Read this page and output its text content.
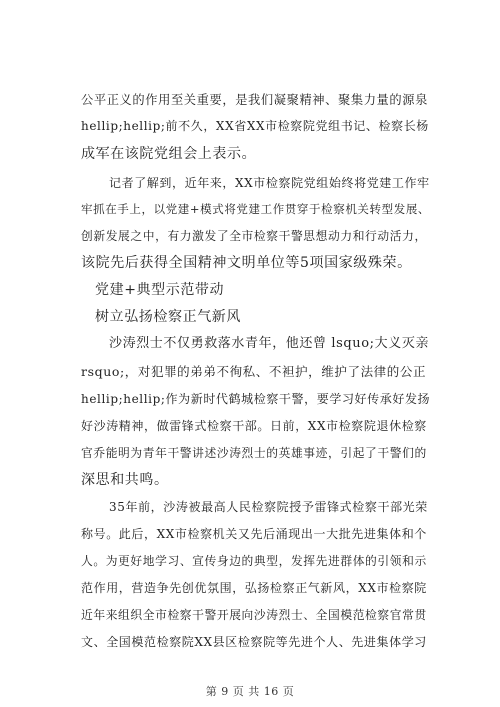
公平正义的作用至关重要，是我们凝聚精神、聚集力量的源泉
hellip;hellip;前不久，XX省XX市检察院党组书记、检察长杨
成军在该院党组会上表示。
记者了解到，近年来，XX市检察院党组始终将党建工作牢
牢抓在手上，以党建+模式将党建工作贯穿于检察机关转型发展、
创新发展之中，有力激发了全市检察干警思想动力和行动活力，
该院先后获得全国精神文明单位等5项国家级殊荣。
党建+典型示范带动
树立弘扬检察正气新风
沙涛烈士不仅勇救落水青年，他还曾 lsquo;大义灭亲
rsquo;，对犯罪的弟弟不徇私、不袒护，维护了法律的公正
hellip;hellip;作为新时代鹤城检察干警，要学习好传承好发扬
好沙涛精神，做雷锋式检察干部。日前，XX市检察院退休检察
官乔能明为青年干警讲述沙涛烈士的英雄事迹，引起了干警们的
深思和共鸣。
35年前，沙涛被最高人民检察院授予雷锋式检察干部光荣
称号。此后，XX市检察机关又先后涌现出一大批先进集体和个
人。为更好地学习、宣传身边的典型，发挥先进群体的引领和示
范作用，营造争先创优氛围，弘扬检察正气新风，XX市检察院
近年来组织全市检察干警开展向沙涛烈士、全国模范检察官常贯
文、全国模范检察院XX县区检察院等先进个人、先进集体学习
第 9 页 共 16 页
